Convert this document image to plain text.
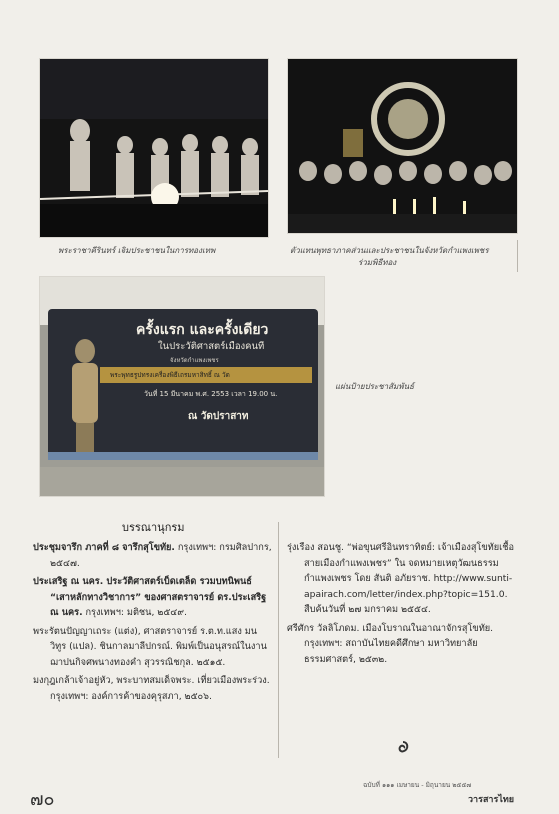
พระราชาคีรินทร์ เจิมประชาชนในการทองเทพ	ตัวแทนพุทธาภาคส่วนและประชาชนในจังหวัดกำแพงเพชร
ร่วมพิธีทอง
ครั้งแรก และครั้งเดียว
ในประวัติศาสตร์เมืองคนที
จังหวัดกำแพงเพชร
พระพุทธรูปทรงเครื่องพิธีเถรมหาสิทธิ์ ณ วัด
วันที่ 15 มีนาคม พ.ศ. 2553 เวลา 19.00 น.
ณ วัดปราสาท
แผ่นป้ายประชาสัมพันธ์
บรรณานุกรม

ประชุมจารึก ภาคที่ ๘ จารึกสุโขทัย. กรุงเทพฯ: กรมศิลปากร, ๒๕๔๗.

ประเสริฐ ณ นคร. ประวัติศาสตร์เบ็ดเตล็ด รวมบทนิพนธ์ “เสาหลักทางวิชาการ” ของศาสตราจารย์ ดร.ประเสริฐ ณ นคร. กรุงเทพฯ: มติชน, ๒๕๔๙.

พระรัตนปัญญาเถระ (แต่ง), ศาสตราจารย์ ร.ต.ท.แสง มนวิทูร (แปล). ชินกาลมาลีปกรณ์. พิมพ์เป็นอนุสรณ์ในงานฌาปนกิจศพนางทองคำ สุวรรณิชกุล. ๒๕๑๕.

มงกุฎเกล้าเจ้าอยู่หัว, พระบาทสมเด็จพระ. เที่ยวเมืองพระร่วง. กรุงเทพฯ: องค์การค้าของคุรุสภา, ๒๕๐๖.

รุ่งเรือง สอนชู. “พ่อขุนศรีอินทราทิตย์: เจ้าเมืองสุโขทัยเชื้อสายเมืองกำแพงเพชร” ใน จดหมายเหตุวัฒนธรรมกำแพงเพชร โดย สันติ อภัยราช. http://www.sunti-apairach.com/letter/index.php?topic=151.0. สืบค้นวันที่ ๒๗ มกราคม ๒๕๕๔.

ศรีศักร วัลลิโภดม. เมืองโบราณในอาณาจักรสุโขทัย. กรุงเทพฯ: สถาบันไทยคดีศึกษา มหาวิทยาลัยธรรมศาสตร์, ๒๕๓๒.

๗๐
ฉบับที่ ๑๑๑ เมษายน - มิถุนายน ๒๕๕๗
วารสารไทย
